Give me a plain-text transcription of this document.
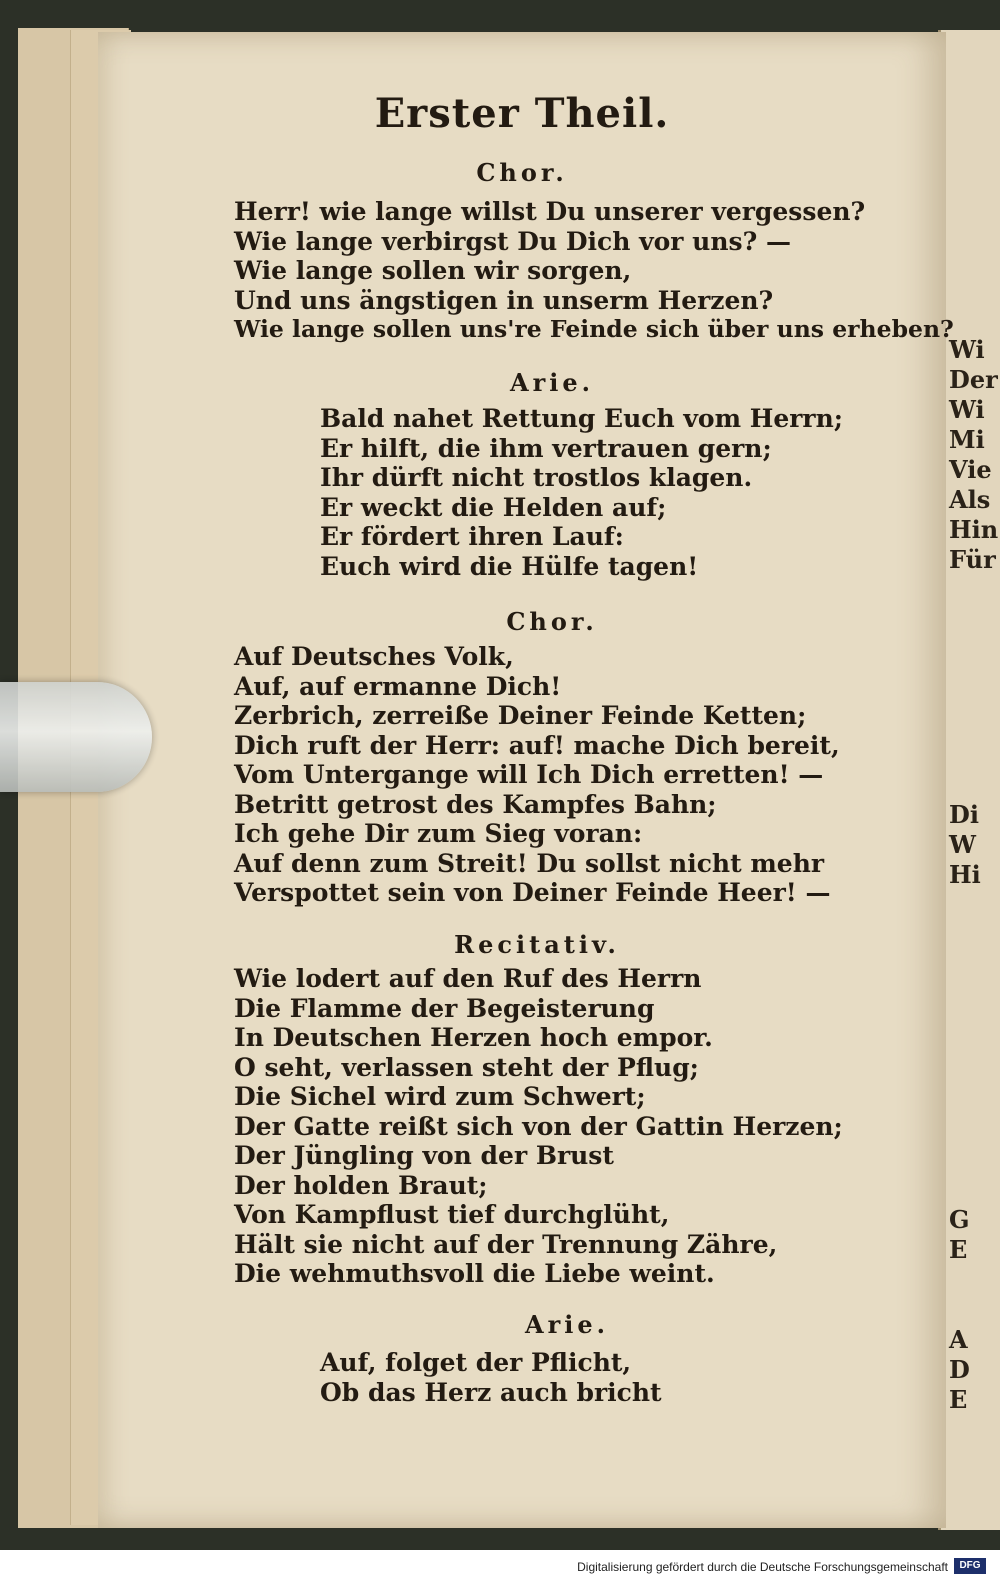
Wi
Der
Wi
Mi
Vie
Als
Hin
Für
Di
W
Hi
G
E
A
D
E
Erster Theil.
Chor.
Herr! wie lange willst Du unserer vergessen?
Wie lange verbirgst Du Dich vor uns? —
Wie lange sollen wir sorgen,
Und uns ängstigen in unserm Herzen?
Wie lange sollen uns're Feinde sich über uns erheben?
Arie.
Bald nahet Rettung Euch vom Herrn;
Er hilft, die ihm vertrauen gern;
Ihr dürft nicht trostlos klagen.
Er weckt die Helden auf;
Er fördert ihren Lauf:
Euch wird die Hülfe tagen!
Chor.
Auf Deutsches Volk,
Auf, auf ermanne Dich!
Zerbrich, zerreiße Deiner Feinde Ketten;
Dich ruft der Herr: auf! mache Dich bereit,
Vom Untergange will Ich Dich erretten! —
Betritt getrost des Kampfes Bahn;
Ich gehe Dir zum Sieg voran:
Auf denn zum Streit! Du sollst nicht mehr
Verspottet sein von Deiner Feinde Heer! —
Recitativ.
Wie lodert auf den Ruf des Herrn
Die Flamme der Begeisterung
In Deutschen Herzen hoch empor.
O seht, verlassen steht der Pflug;
Die Sichel wird zum Schwert;
Der Gatte reißt sich von der Gattin Herzen;
Der Jüngling von der Brust
Der holden Braut;
Von Kampflust tief durchglüht,
Hält sie nicht auf der Trennung Zähre,
Die wehmuthsvoll die Liebe weint.
Arie.
Auf, folget der Pflicht,
Ob das Herz auch bricht
Digitalisierung gefördert durch die Deutsche Forschungsgemeinschaft	DFG
